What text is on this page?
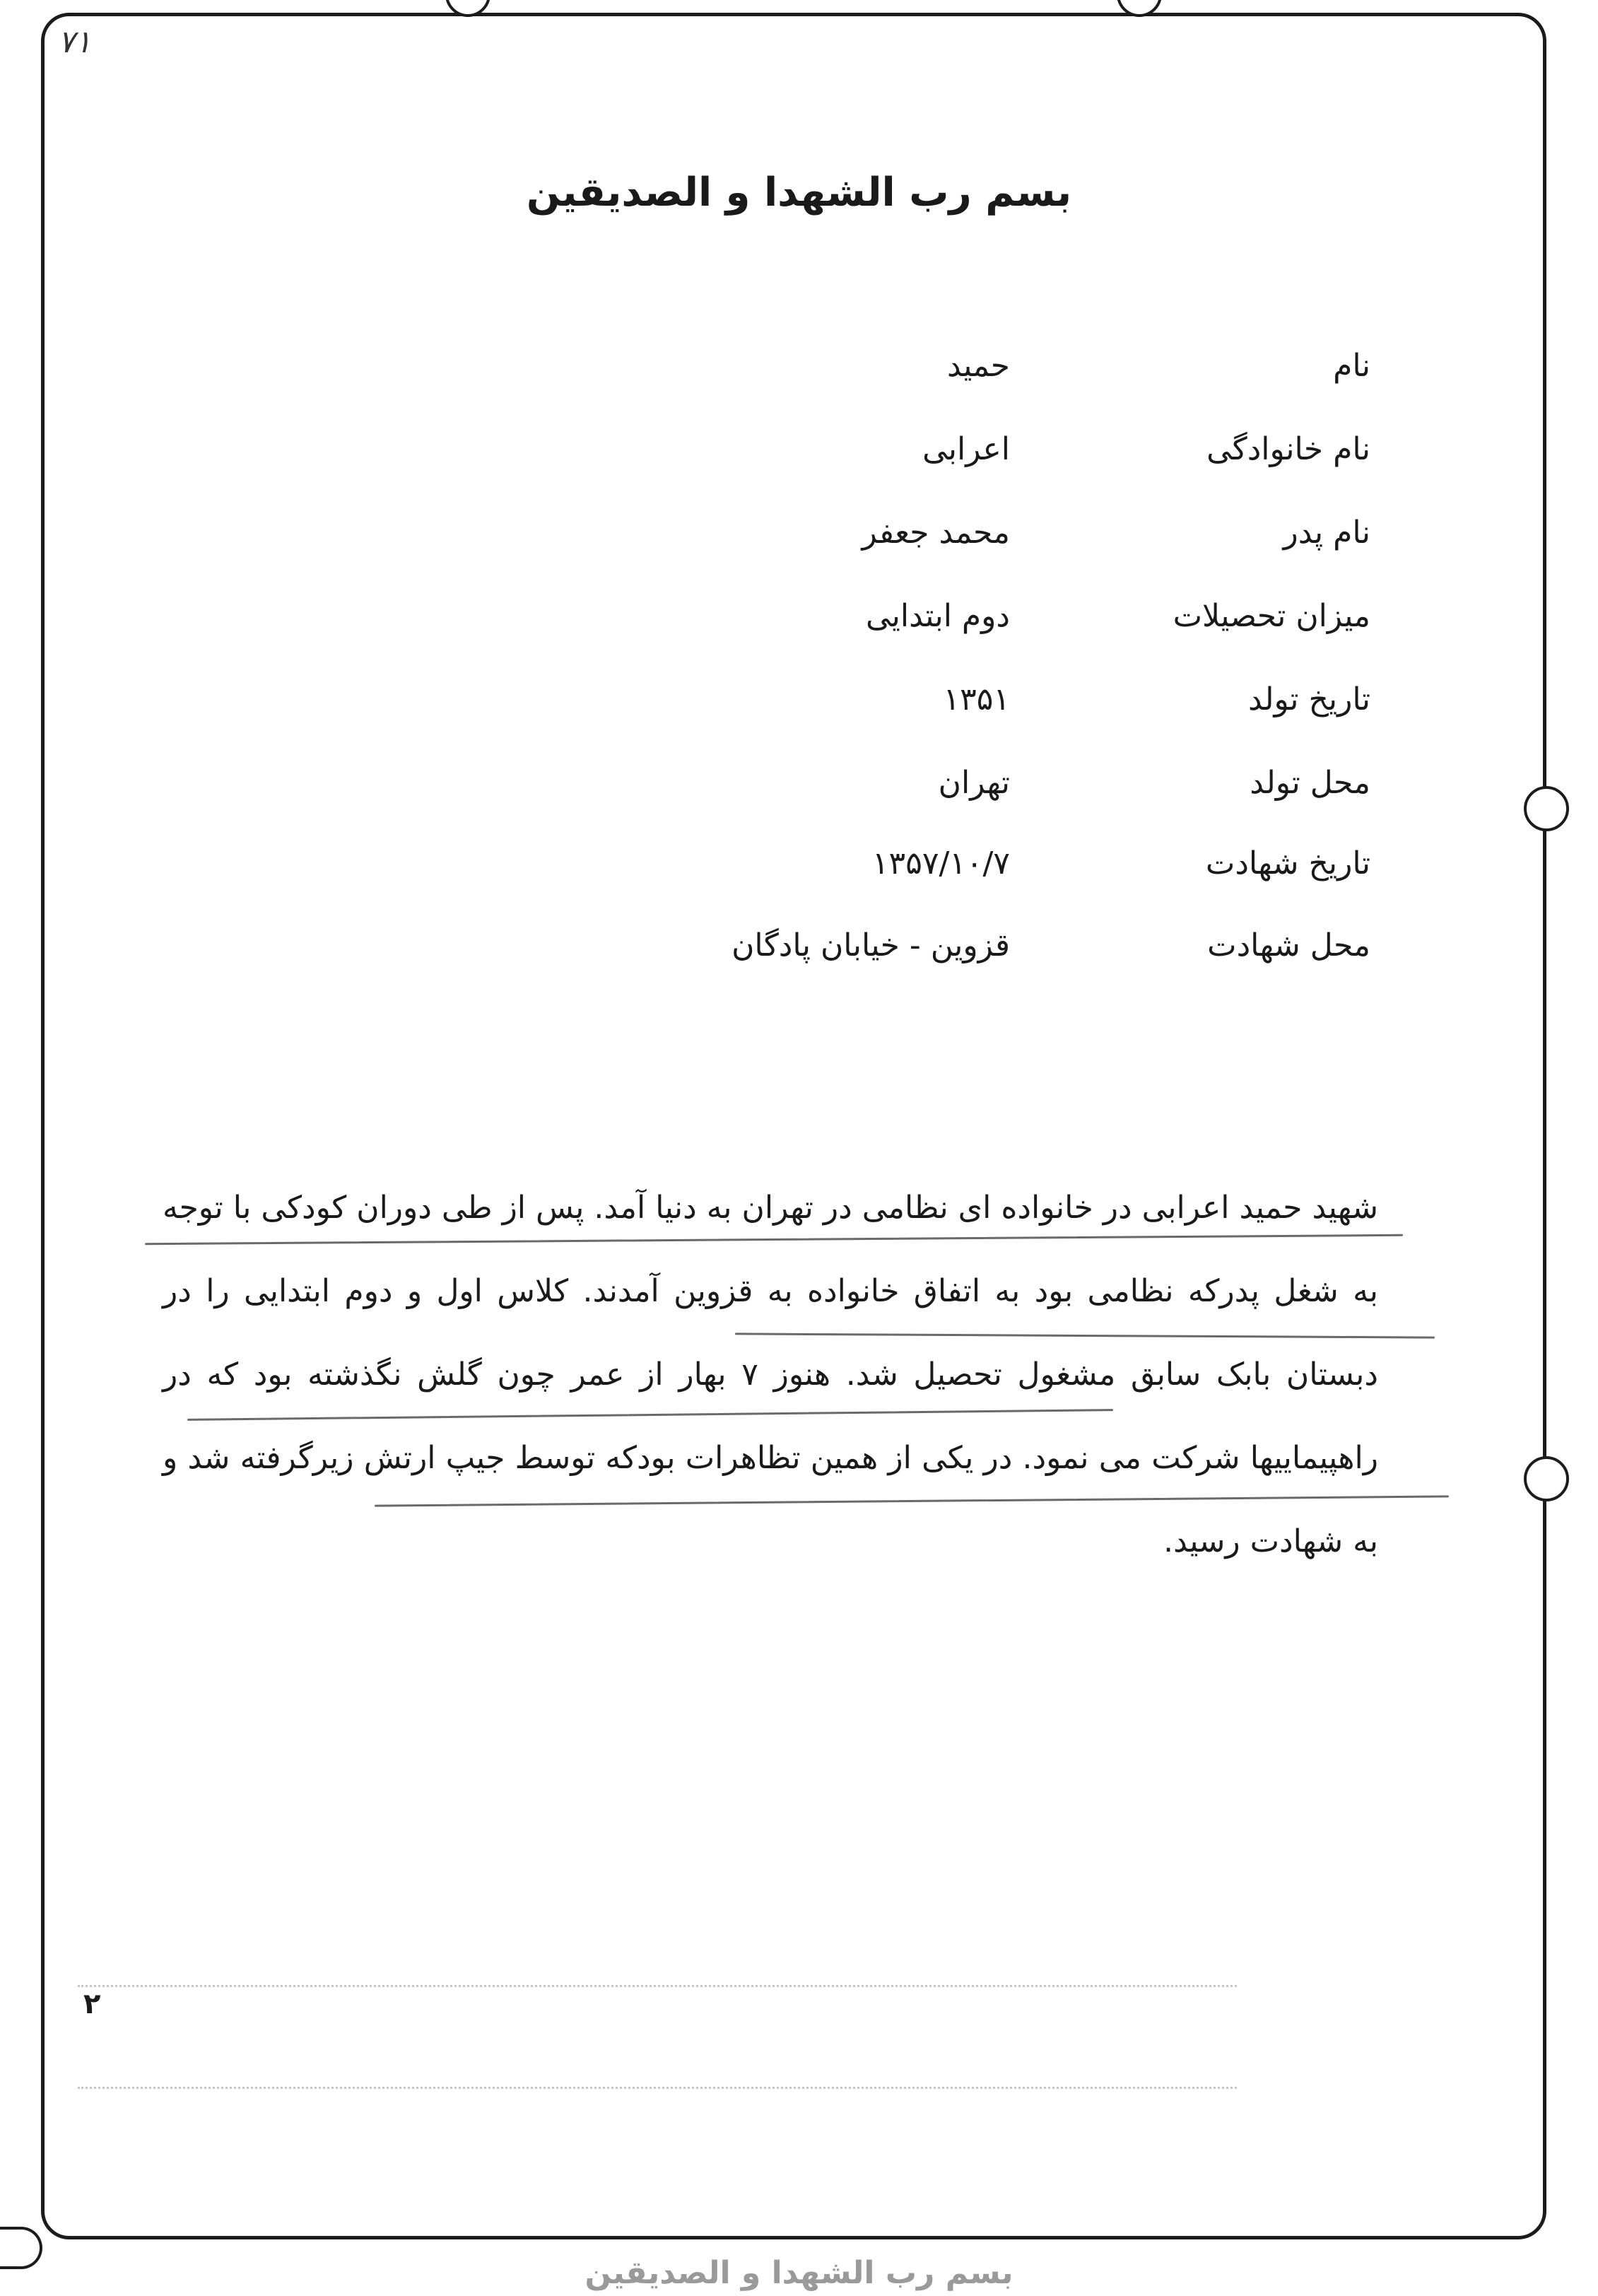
۷۱
بسم رب الشهدا و الصدیقین
نام
حمید
نام خانوادگی
اعرابی
نام پدر
محمد جعفر
میزان تحصیلات
دوم ابتدایی
تاریخ تولد
۱۳۵۱
محل تولد
تهران
تاریخ شهادت
۱۳۵۷/۱۰/۷
محل شهادت
قزوین - خیابان پادگان
شهید حمید اعرابی در خانواده ای نظامی در تهران به دنیا آمد. پس از طی دوران کودکی با توجه به شغل پدرکه نظامی بود به اتفاق خانواده به قزوین آمدند. کلاس اول و دوم ابتدایی را در دبستان بابک سابق مشغول تحصیل شد. هنوز ۷ بهار از عمر چون گلش نگذشته بود که در راهپیماییها شرکت می نمود. در یکی از همین تظاهرات بودکه توسط جیپ ارتش زیرگرفته شد و به شهادت رسید.
۲
بسم رب الشهدا و الصدیقین
